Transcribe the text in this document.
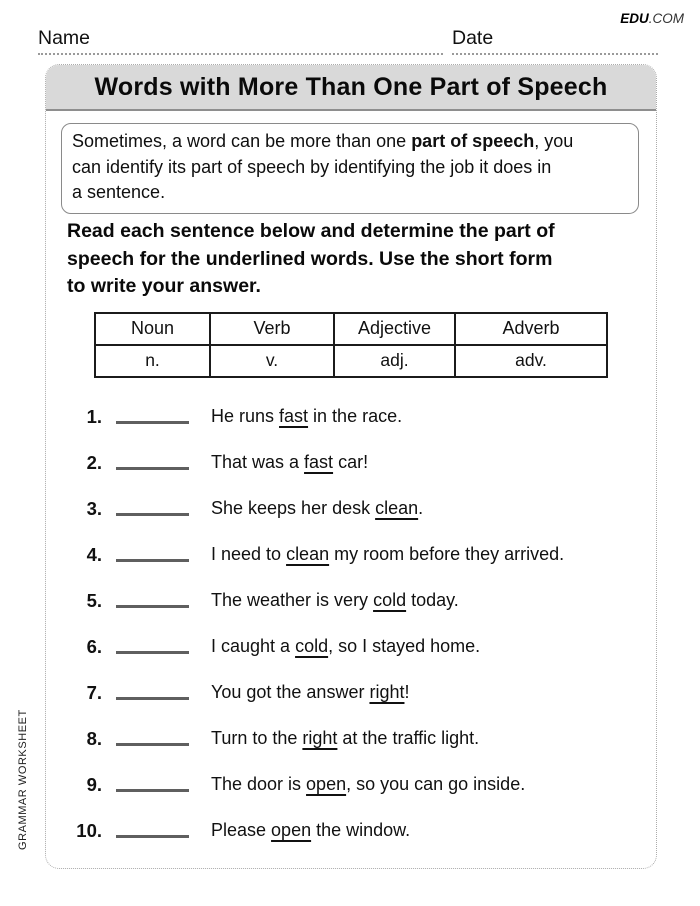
EDU.COM
Name	Date
Words with More Than One Part of Speech
Sometimes, a word can be more than one part of speech, you
can identify its part of speech by identifying the job it does in
a sentence.
Read each sentence below and determine the part of
speech for the underlined words. Use the short form
to write your answer.
Noun	Verb	Adjective	Adverb
n.	v.	adj.	adv.
1.	He runs fast in the race.
2.	That was a fast car!
3.	She keeps her desk clean.
4.	I need to clean my room before they arrived.
5.	The weather is very cold today.
6.	I caught a cold, so I stayed home.
7.	You got the answer right!
8.	Turn to the right at the traffic light.
9.	The door is open, so you can go inside.
10.	Please open the window.
GRAMMAR WORKSHEET
